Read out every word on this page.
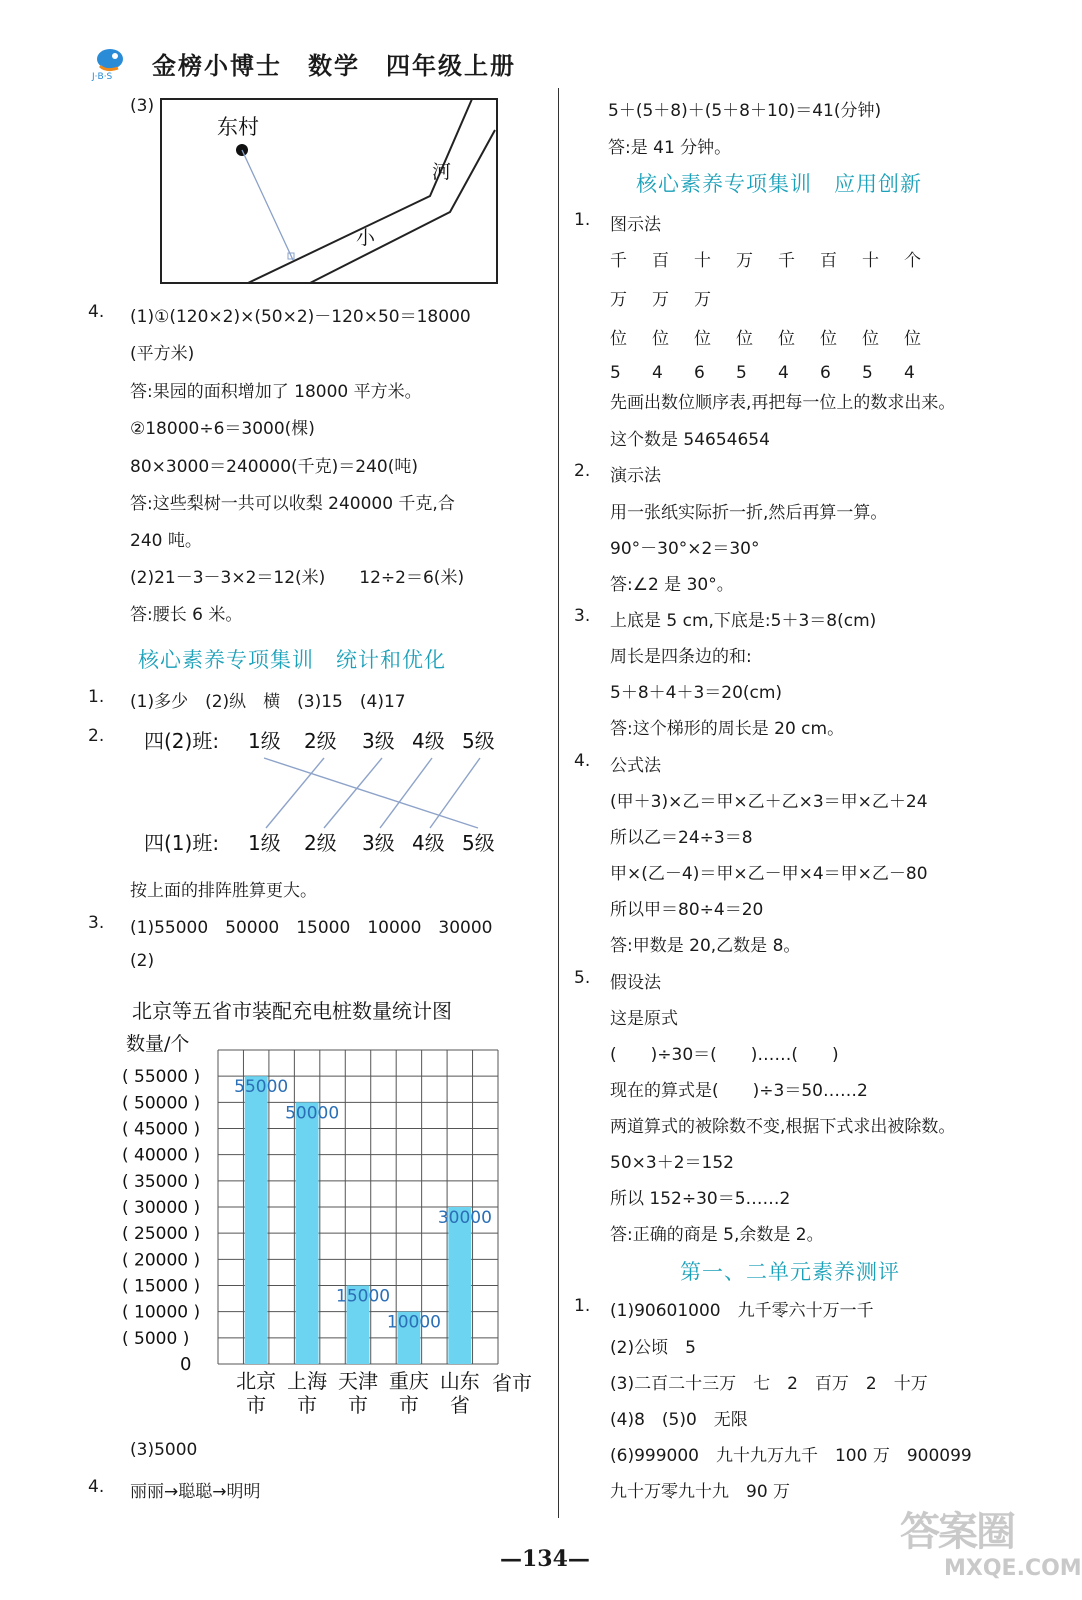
J·B·S 金榜小博士　数学　四年级上册
(3)
东村
河
小
4. (1)①(120×2)×(50×2)－120×50＝18000
(平方米)
答:果园的面积增加了 18000 平方米。
②18000÷6＝3000(棵)
80×3000＝240000(千克)＝240(吨)
答:这些梨树一共可以收梨 240000 千克,合
240 吨。
(2)21－3－3×2＝12(米)　　12÷2＝6(米)
答:腰长 6 米。
核心素养专项集训　统计和优化
1. (1)多少　(2)纵　横　(3)15　(4)17
2. 四(2)班: 1级 2级 3级 4级 5级
四(1)班: 1级 2级 3级 4级 5级
按上面的排阵胜算更大。
3. (1)55000　50000　15000　10000　30000
(2)
北京等五省市装配充电桩数量统计图
数量/个
0
55000
50000
15000
10000
30000
( 55000 )
( 50000 )
( 45000 )
( 40000 )
( 35000 )
( 30000 )
( 25000 )
( 20000 )
( 15000 )
( 10000 )
( 5000 )
北京
市
上海
市
天津
市
重庆
市
山东
省
省市
(3)5000
4. 丽丽→聪聪→明明
5＋(5＋8)＋(5＋8＋10)＝41(分钟)
答:是 41 分钟。
核心素养专项集训　应用创新
1. 图示法
千	百	十	万	千	百	十	个
万	万	万
位	位	位	位	位	位	位	位
5	4	6	5	4	6	5	4
先画出数位顺序表,再把每一位上的数求出来。
这个数是 54654654
2. 演示法
用一张纸实际折一折,然后再算一算。
90°－30°×2＝30°
答:∠2 是 30°。
3. 上底是 5 cm,下底是:5＋3＝8(cm)
周长是四条边的和:
5＋8＋4＋3＝20(cm)
答:这个梯形的周长是 20 cm。
4. 公式法
(甲＋3)×乙＝甲×乙＋乙×3＝甲×乙＋24
所以乙＝24÷3＝8
甲×(乙－4)＝甲×乙－甲×4＝甲×乙－80
所以甲＝80÷4＝20
答:甲数是 20,乙数是 8。
5. 假设法
这是原式
(　　)÷30＝(　　)……(　　)
现在的算式是(　　)÷3＝50……2
两道算式的被除数不变,根据下式求出被除数。
50×3＋2＝152
所以 152÷30＝5……2
答:正确的商是 5,余数是 2。
第一、二单元素养测评
1. (1)90601000　九千零六十万一千
(2)公顷　5
(3)二百二十三万　七　2　百万　2　十万
(4)8　(5)0　无限
(6)999000　九十九万九千　100 万　900099
九十万零九十九　90 万
—134—
答案圈
MXQE.COM
